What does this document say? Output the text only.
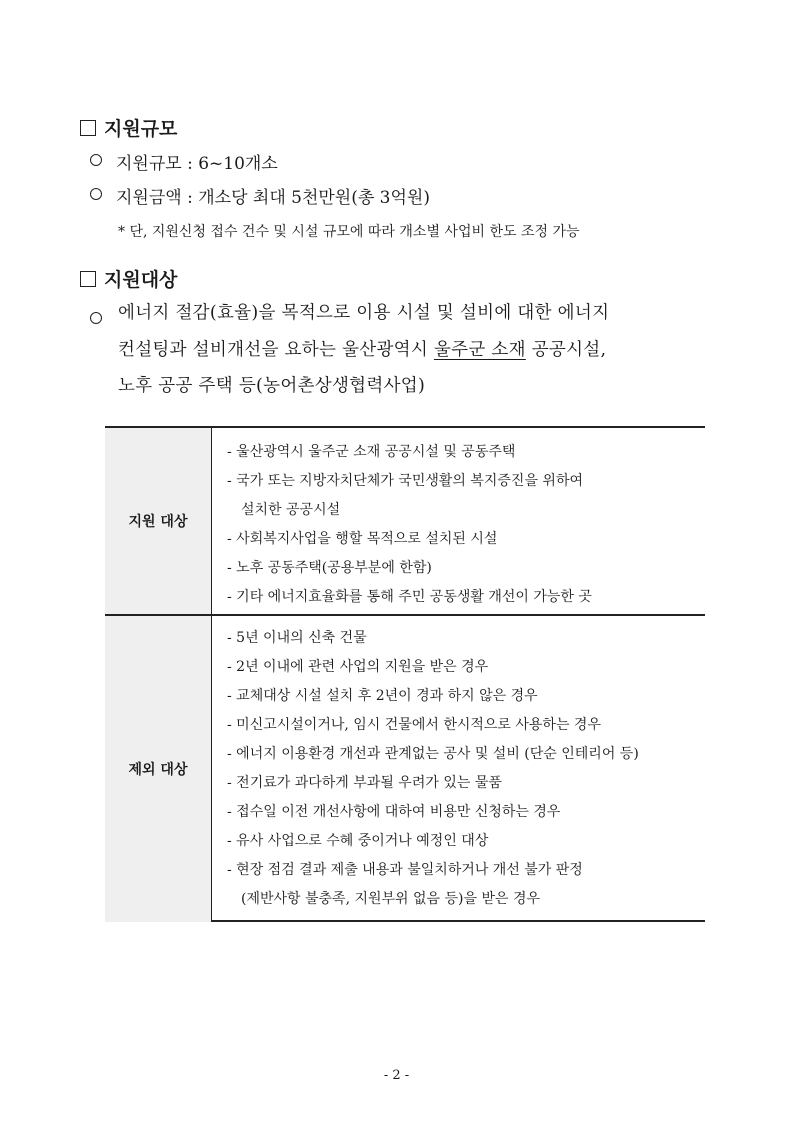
지원규모
지원규모 : 6~10개소
지원금액 : 개소당 최대 5천만원(총 3억원)
* 단, 지원신청 접수 건수 및 시설 규모에 따라 개소별 사업비 한도 조정 가능
지원대상
에너지 절감(효율)을 목적으로 이용 시설 및 설비에 대한 에너지
컨설팅과 설비개선을 요하는 울산광역시 울주군 소재 공공시설,
노후 공공 주택 등(농어촌상생협력사업)
지원 대상
- 울산광역시 울주군 소재 공공시설 및 공동주택
- 국가 또는 지방자치단체가 국민생활의 복지증진을 위하여
설치한 공공시설
- 사회복지사업을 행할 목적으로 설치된 시설
- 노후 공동주택(공용부분에 한함)
- 기타 에너지효율화를 통해 주민 공동생활 개선이 가능한 곳
제외 대상
- 5년 이내의 신축 건물
- 2년 이내에 관련 사업의 지원을 받은 경우
- 교체대상 시설 설치 후 2년이 경과 하지 않은 경우
- 미신고시설이거나, 임시 건물에서 한시적으로 사용하는 경우
- 에너지 이용환경 개선과 관계없는 공사 및 설비 (단순 인테리어 등)
- 전기료가 과다하게 부과될 우려가 있는 물품
- 접수일 이전 개선사항에 대하여 비용만 신청하는 경우
- 유사 사업으로 수혜 중이거나 예정인 대상
- 현장 점검 결과 제출 내용과 불일치하거나 개선 불가 판정
(제반사항 불충족, 지원부위 없음 등)을 받은 경우
- 2 -
